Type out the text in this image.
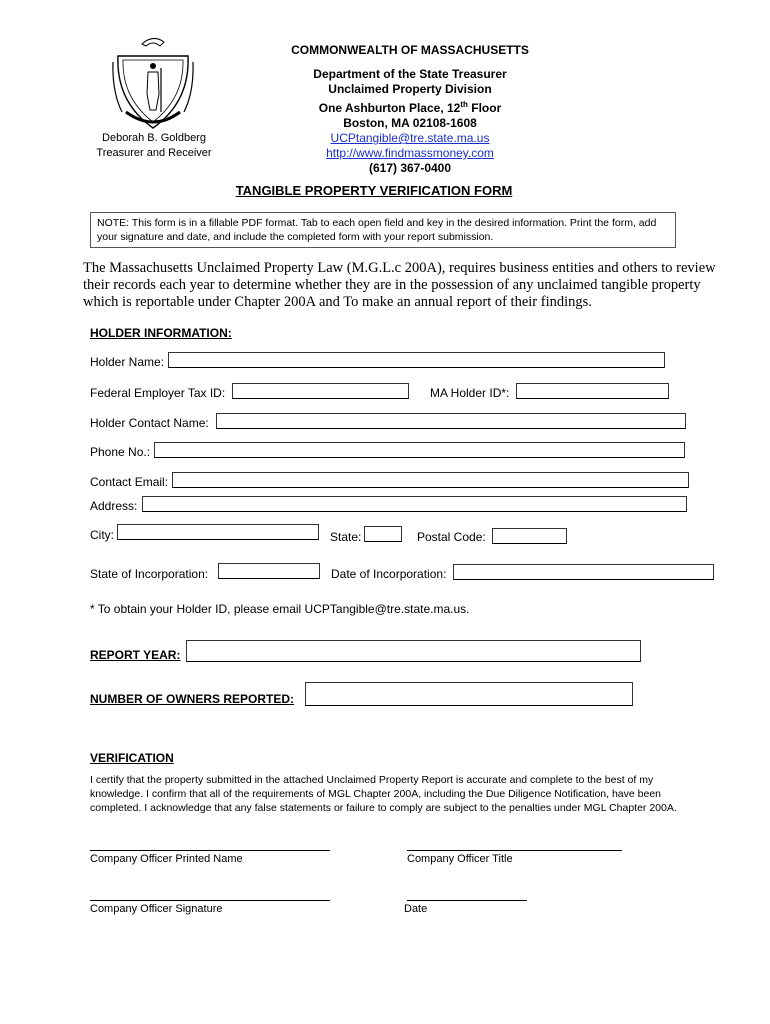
Deborah B. Goldberg
Treasurer and Receiver
COMMONWEALTH OF MASSACHUSETTS
Department of the State Treasurer
Unclaimed Property Division
One Ashburton Place, 12th Floor
Boston, MA 02108-1608
UCPtangible@tre.state.ma.us
http://www.findmassmoney.com
(617) 367-0400
TANGIBLE PROPERTY VERIFICATION FORM
NOTE: This form is in a fillable PDF format. Tab to each open field and key in the desired information. Print the form, add your signature and date, and include the completed form with your report submission.
The Massachusetts Unclaimed Property Law (M.G.L.c 200A), requires business entities and others to review their records each year to determine whether they are in the possession of any unclaimed tangible property which is reportable under Chapter 200A and To make an annual report of their findings.
HOLDER INFORMATION:
Holder Name:
Federal Employer Tax ID:	MA Holder ID*:
Holder Contact Name:
Phone No.:
Contact Email:
Address:
City:	State:	Postal Code:
State of Incorporation:	Date of Incorporation:
* To obtain your Holder ID, please email UCPTangible@tre.state.ma.us.
REPORT YEAR:
NUMBER OF OWNERS REPORTED:
VERIFICATION
I certify that the property submitted in the attached Unclaimed Property Report is accurate and complete to the best of my knowledge. I confirm that all of the requirements of MGL Chapter 200A, including the Due Diligence Notification, have been completed. I acknowledge that any false statements or failure to comply are subject to the penalties under MGL Chapter 200A.
Company Officer Printed Name	Company Officer Title
Company Officer Signature	Date
